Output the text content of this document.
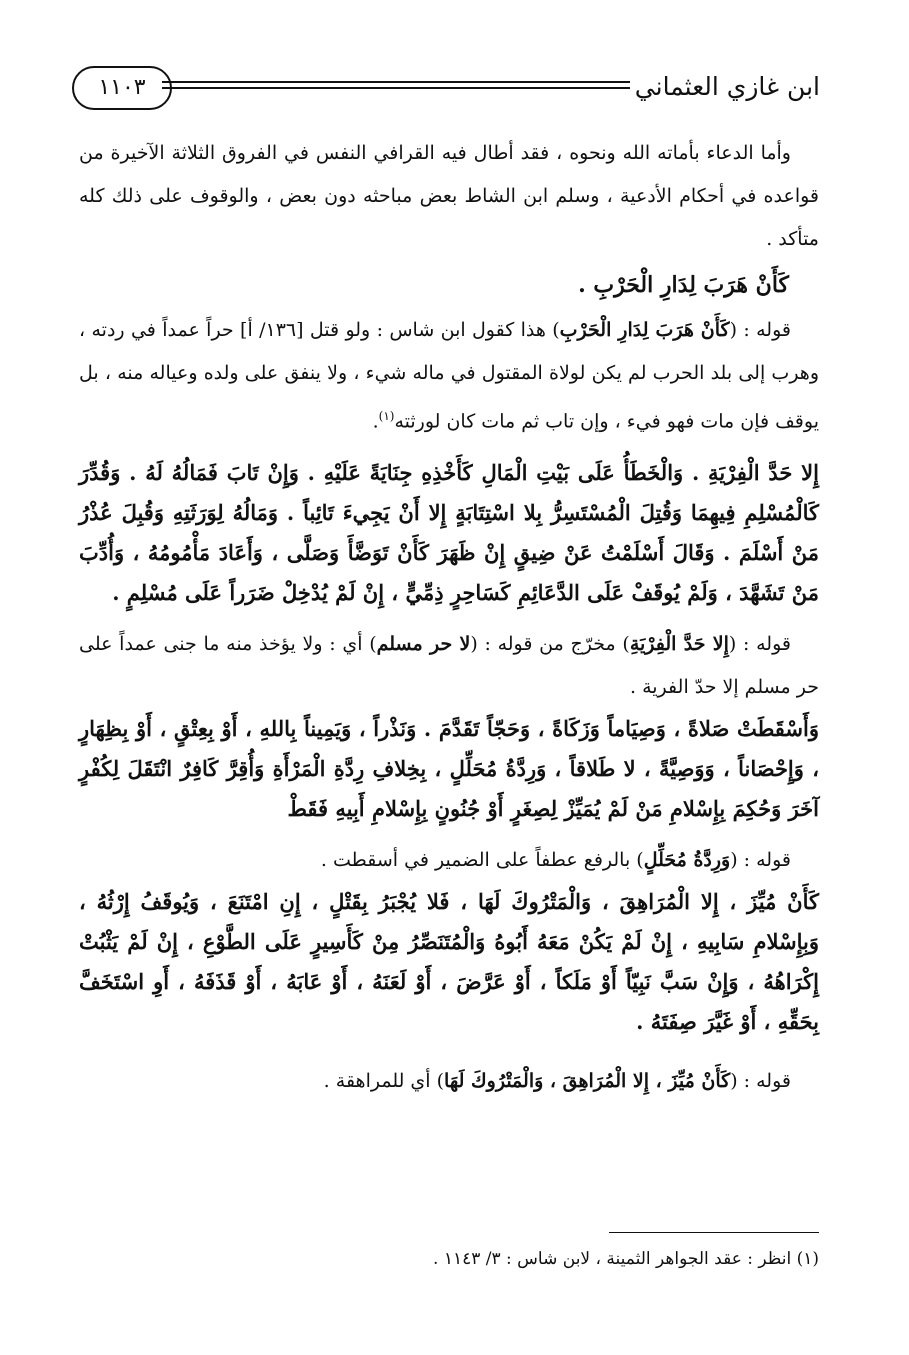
ابن غازي العثماني
١١٠٣

وأما الدعاء بأماته الله ونحوه ، فقد أطال فيه القرافي النفس في الفروق الثلاثة الآخيرة من قواعده في أحكام الأدعية ، وسلم ابن الشاط بعض مباحثه دون بعض ، والوقوف على ذلك كله متأكد .

كَأَنْ هَرَبَ لِدَارِ الْحَرْبِ .

قوله : (كَأَنْ هَرَبَ لِدَارِ الْحَرْبِ) هذا كقول ابن شاس : ولو قتل [١٣٦/ أ] حراً عمداً في ردته ، وهرب إلى بلد الحرب لم يكن لولاة المقتول في ماله شيء ، ولا ينفق على ولده وعياله منه ، بل يوقف فإن مات فهو فيء ، وإن تاب ثم مات كان لورثته$^{(١)}$.

إِلا حَدَّ الْفِرْيَةِ . وَالْخَطَأُ عَلَى بَيْتِ الْمَالِ كَأَخْذِهِ جِنَايَةً عَلَيْهِ . وَإِنْ تَابَ فَمَالُهُ لَهُ . وَقُدِّرَ كَالْمُسْلِمِ فِيهِمَا وَقُتِلَ الْمُسْتَسِرُّ بِلا اسْتِتَابَةٍ إِلا أَنْ يَجِيءَ تَائِباً . وَمَالُهُ لِوَرَثَتِهِ وَقُبِلَ عُذْرُ مَنْ أَسْلَمَ . وَقَالَ أَسْلَمْتُ عَنْ ضِيقٍ إِنْ ظَهَرَ كَأَنْ تَوَضَّأَ وَصَلَّى ، وَأَعَادَ مَأْمُومُهُ ، وَأُدِّبَ مَنْ تَشَهَّدَ ، وَلَمْ يُوقَفْ عَلَى الدَّعَائِمِ كَسَاحِرٍ ذِمِّيٍّ ، إِنْ لَمْ يُدْخِلْ ضَرَراً عَلَى مُسْلِمٍ .

قوله : (إِلا حَدَّ الْفِرْيَةِ) مخرّج من قوله : (لا حر مسلم) أي : ولا يؤخذ منه ما جنى عمداً على حر مسلم إلا حدّ الفرية .

وَأَسْقَطَتْ صَلاةً ، وَصِيَاماً وَزَكَاةً ، وَحَجّاً تَقَدَّمَ . وَنَذْراً ، وَيَمِيناً بِاللهِ ، أَوْ بِعِتْقٍ ، أَوْ بِظِهَارٍ ، وَإِحْصَاناً ، وَوَصِيَّةً ، لا طَلاقاً ، وَرِدَّةُ مُحَلِّلٍ ، بِخِلافِ رِدَّةِ الْمَرْأَةِ وَأُقِرَّ كَافِرٌ انْتَقَلَ لِكُفْرٍ آخَرَ وَحُكِمَ بِإِسْلامِ مَنْ لَمْ يُمَيِّزْ لِصِغَرٍ أَوْ جُنُونٍ بِإِسْلامِ أَبِيهِ فَقَطْ

قوله : (وَرِدَّةُ مُحَلِّلٍ) بالرفع عطفاً على الضمير في أسقطت .

كَأَنْ مُيِّزَ ، إِلا الْمُرَاهِقَ ، وَالْمَتْرُوكَ لَهَا ، فَلا يُجْبَرُ بِقَتْلٍ ، إِنِ امْتَنَعَ ، وَيُوقَفُ إِرْثُهُ ، وَبِإِسْلامِ سَابِيهِ ، إِنْ لَمْ يَكُنْ مَعَهُ أَبُوهُ وَالْمُتَنَصِّرُ مِنْ كَأَسِيرٍ عَلَى الطَّوْعِ ، إِنْ لَمْ يَثْبُتْ إِكْرَاهُهُ ، وَإِنْ سَبَّ نَبِيّاً أَوْ مَلَكاً ، أَوْ عَرَّضَ ، أَوْ لَعَنَهُ ، أَوْ عَابَهُ ، أَوْ قَذَفَهُ ، أَوِ اسْتَخَفَّ بِحَقِّهِ ، أَوْ غَيَّرَ صِفَتَهُ .

قوله : (كَأَنْ مُيِّزَ ، إِلا الْمُرَاهِقَ ، وَالْمَتْرُوكَ لَهَا) أي للمراهقة .

(١) انظر : عقد الجواهر الثمينة ، لابن شاس : ٣/ ١١٤٣ .
